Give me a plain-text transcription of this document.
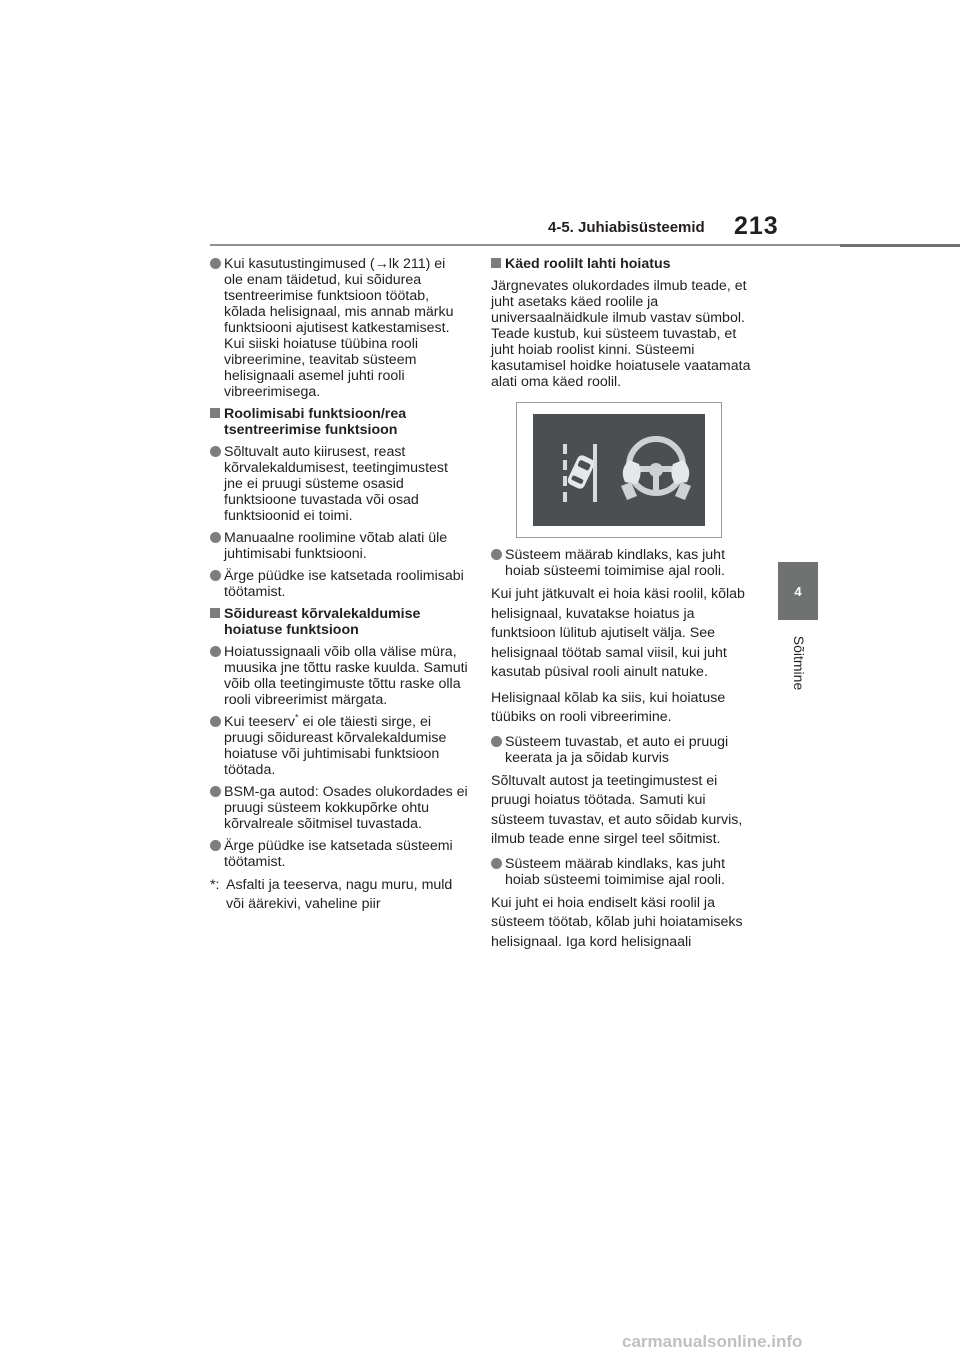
4-5. Juhiabisüsteemid 213
4
Sõitmine
Kui kasutustingimused (→lk 211) ei ole enam täidetud, kui sõidurea tsentreerimise funktsioon töötab, kõlada helisignaal, mis annab märku funktsiooni ajutisest katkestamisest. Kui siiski hoiatuse tüübina rooli vibreerimine, teavitab süsteem helisignaali asemel juhti rooli vibreerimisega.
Roolimisabi funktsioon/rea tsentreerimise funktsioon
Sõltuvalt auto kiirusest, reast kõrvalekaldumisest, teetingimustest jne ei pruugi süsteme osasid funktsioone tuvastada või osad funktsioonid ei toimi.
Manuaalne roolimine võtab alati üle juhtimisabi funktsiooni.
Ärge püüdke ise katsetada roolimisabi töötamist.
Sõidureast kõrvalekaldumise hoiatuse funktsioon
Hoiatussignaali võib olla välise müra, muusika jne tõttu raske kuulda. Samuti võib olla teetingimuste tõttu raske olla rooli vibreerimist märgata.
Kui teeserv* ei ole täiesti sirge, ei pruugi sõidureast kõrvalekaldumise hoiatuse või juhtimisabi funktsioon töötada.
BSM-ga autod: Osades olukordades ei pruugi süsteem kokkupõrke ohtu kõrvalreale sõitmisel tuvastada.
Ärge püüdke ise katsetada süsteemi töötamist.
*: Asfalti ja teeserva, nagu muru, muld või äärekivi, vaheline piir
Käed roolilt lahti hoiatus
Järgnevates olukordades ilmub teade, et juht asetaks käed roolile ja universaalnäidkule ilmub vastav sümbol. Teade kustub, kui süsteem tuvastab, et juht hoiab roolist kinni. Süsteemi kasutamisel hoidke hoiatusele vaatamata alati oma käed roolil.
Süsteem määrab kindlaks, kas juht hoiab süsteemi toimimise ajal rooli.
Kui juht jätkuvalt ei hoia käsi roolil, kõlab helisignaal, kuvatakse hoiatus ja funktsioon lülitub ajutiselt välja. See helisignaal töötab samal viisil, kui juht kasutab püsival rooli ainult natuke.
Helisignaal kõlab ka siis, kui hoiatuse tüübiks on rooli vibreerimine.
Süsteem tuvastab, et auto ei pruugi keerata ja ja sõidab kurvis
Sõltuvalt autost ja teetingimustest ei pruugi hoiatus töötada. Samuti kui süsteem tuvastav, et auto sõidab kurvis, ilmub teade enne sirgel teel sõitmist.
Süsteem määrab kindlaks, kas juht hoiab süsteemi toimimise ajal rooli.
Kui juht ei hoia endiselt käsi roolil ja süsteem töötab, kõlab juhi hoiatamiseks helisignaal. Iga kord helisignaali
carmanualsonline.info
